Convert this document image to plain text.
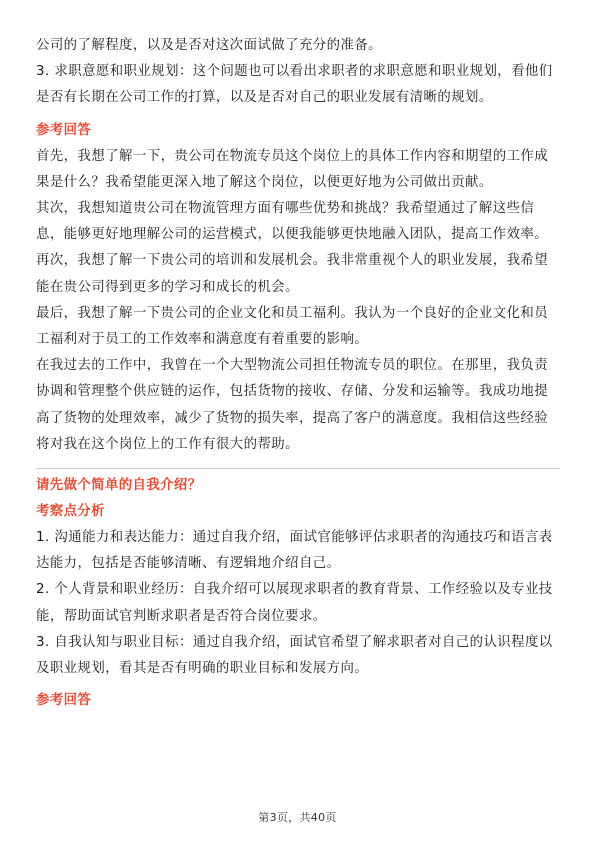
公司的了解程度，以及是否对这次面试做了充分的准备。

3. 求职意愿和职业规划：这个问题也可以看出求职者的求职意愿和职业规划，看他们是否有长期在公司工作的打算，以及是否对自己的职业发展有清晰的规划。

参考回答

首先，我想了解一下，贵公司在物流专员这个岗位上的具体工作内容和期望的工作成果是什么？我希望能更深入地了解这个岗位，以便更好地为公司做出贡献。

其次，我想知道贵公司在物流管理方面有哪些优势和挑战？我希望通过了解这些信息，能够更好地理解公司的运营模式，以便我能够更快地融入团队，提高工作效率。

再次，我想了解一下贵公司的培训和发展机会。我非常重视个人的职业发展，我希望能在贵公司得到更多的学习和成长的机会。

最后，我想了解一下贵公司的企业文化和员工福利。我认为一个良好的企业文化和员工福利对于员工的工作效率和满意度有着重要的影响。

在我过去的工作中，我曾在一个大型物流公司担任物流专员的职位。在那里，我负责协调和管理整个供应链的运作，包括货物的接收、存储、分发和运输等。我成功地提高了货物的处理效率，减少了货物的损失率，提高了客户的满意度。我相信这些经验将对我在这个岗位上的工作有很大的帮助。

请先做个简单的自我介绍？
考察点分析

1. 沟通能力和表达能力：通过自我介绍，面试官能够评估求职者的沟通技巧和语言表达能力，包括是否能够清晰、有逻辑地介绍自己。

2. 个人背景和职业经历：自我介绍可以展现求职者的教育背景、工作经验以及专业技能，帮助面试官判断求职者是否符合岗位要求。

3. 自我认知与职业目标：通过自我介绍，面试官希望了解求职者对自己的认识程度以及职业规划，看其是否有明确的职业目标和发展方向。

参考回答
第3页，共40页
